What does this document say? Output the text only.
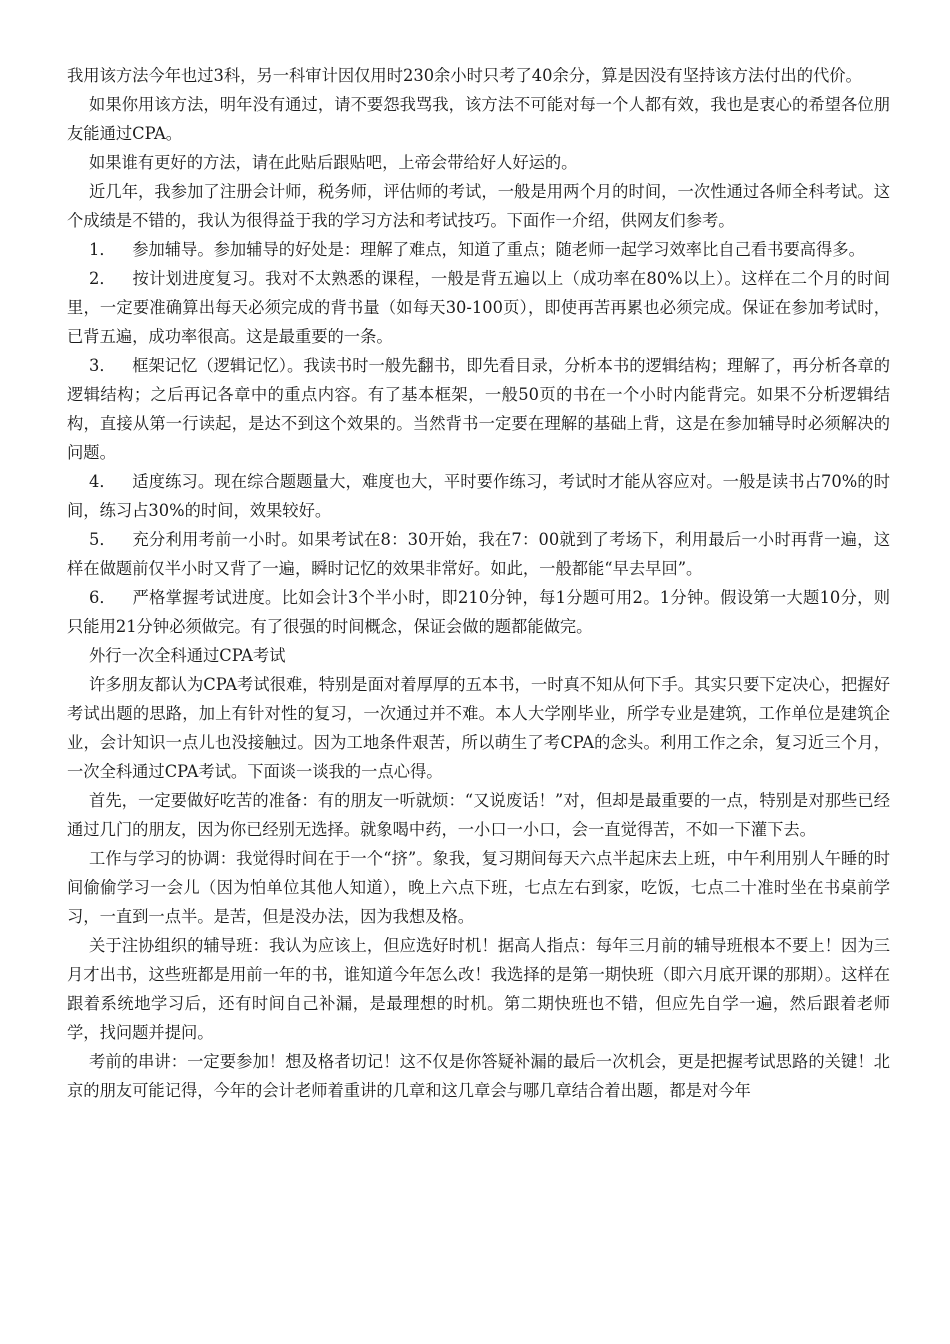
我用该方法今年也过3科，另一科审计因仅用时230余小时只考了40余分，算是因没有坚持该方法付出的代价。

如果你用该方法，明年没有通过，请不要怨我骂我，该方法不可能对每一个人都有效，我也是衷心的希望各位朋友能通过CPA。

如果谁有更好的方法，请在此贴后跟贴吧，上帝会带给好人好运的。

近几年，我参加了注册会计师，税务师，评估师的考试，一般是用两个月的时间，一次性通过各师全科考试。这个成绩是不错的，我认为很得益于我的学习方法和考试技巧。下面作一介绍，供网友们参考。

1． 参加辅导。参加辅导的好处是：理解了难点，知道了重点；随老师一起学习效率比自己看书要高得多。

2． 按计划进度复习。我对不太熟悉的课程，一般是背五遍以上（成功率在80%以上）。这样在二个月的时间里，一定要准确算出每天必须完成的背书量（如每天30-100页），即使再苦再累也必须完成。保证在参加考试时，已背五遍，成功率很高。这是最重要的一条。

3． 框架记忆（逻辑记忆）。我读书时一般先翻书，即先看目录，分析本书的逻辑结构；理解了，再分析各章的逻辑结构；之后再记各章中的重点内容。有了基本框架，一般50页的书在一个小时内能背完。如果不分析逻辑结构，直接从第一行读起，是达不到这个效果的。当然背书一定要在理解的基础上背，这是在参加辅导时必须解决的问题。

4． 适度练习。现在综合题题量大，难度也大，平时要作练习，考试时才能从容应对。一般是读书占70%的时间，练习占30%的时间，效果较好。

5． 充分利用考前一小时。如果考试在8：30开始，我在7：00就到了考场下，利用最后一小时再背一遍，这样在做题前仅半小时又背了一遍，瞬时记忆的效果非常好。如此，一般都能“早去早回”。

6． 严格掌握考试进度。比如会计3个半小时，即210分钟，每1分题可用2。1分钟。假设第一大题10分，则只能用21分钟必须做完。有了很强的时间概念，保证会做的题都能做完。

外行一次全科通过CPA考试

许多朋友都认为CPA考试很难，特别是面对着厚厚的五本书，一时真不知从何下手。其实只要下定决心，把握好考试出题的思路，加上有针对性的复习，一次通过并不难。本人大学刚毕业，所学专业是建筑，工作单位是建筑企业，会计知识一点儿也没接触过。因为工地条件艰苦，所以萌生了考CPA的念头。利用工作之余，复习近三个月，一次全科通过CPA考试。下面谈一谈我的一点心得。

首先，一定要做好吃苦的准备：有的朋友一听就烦：“又说废话！”对，但却是最重要的一点，特别是对那些已经通过几门的朋友，因为你已经别无选择。就象喝中药，一小口一小口，会一直觉得苦，不如一下灌下去。

工作与学习的协调：我觉得时间在于一个“挤”。象我，复习期间每天六点半起床去上班，中午利用别人午睡的时间偷偷学习一会儿（因为怕单位其他人知道），晚上六点下班，七点左右到家，吃饭，七点二十准时坐在书桌前学习，一直到一点半。是苦，但是没办法，因为我想及格。

关于注协组织的辅导班：我认为应该上，但应选好时机！据高人指点：每年三月前的辅导班根本不要上！因为三月才出书，这些班都是用前一年的书，谁知道今年怎么改！我选择的是第一期快班（即六月底开课的那期）。这样在跟着系统地学习后，还有时间自己补漏，是最理想的时机。第二期快班也不错，但应先自学一遍，然后跟着老师学，找问题并提问。

考前的串讲：一定要参加！想及格者切记！这不仅是你答疑补漏的最后一次机会，更是把握考试思路的关键！北京的朋友可能记得，今年的会计老师着重讲的几章和这几章会与哪几章结合着出题，都是对今年
